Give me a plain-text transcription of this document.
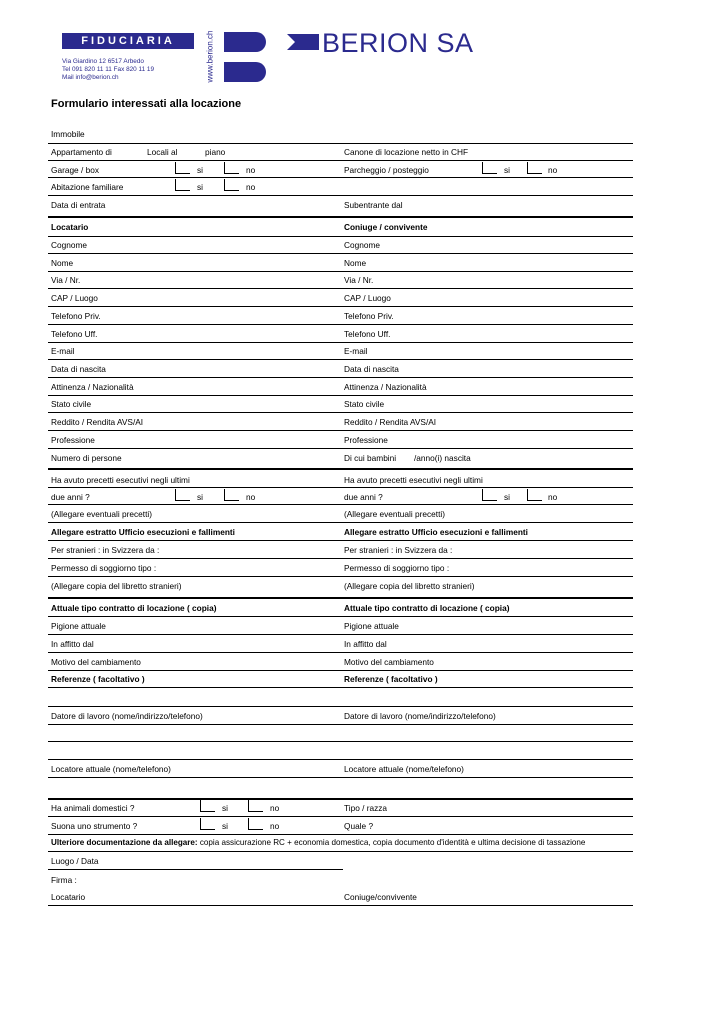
FIDUCIARIA
Via Giardino 12 6517 Arbedo
Tel 091 820 11 11 Fax 820 11 19
Mail info@berion.ch	www.berion.ch	BERION SA
Formulario interessati alla locazione
Immobile
Appartamento di	Locali al	piano	Canone di locazione netto in CHF
Garage / box	si	no	Parcheggio / posteggio	si	no
Abitazione familiare	si	no
Data di entrata	Subentrante dal
Locatario	Coniuge / convivente
Cognome	Cognome
Nome	Nome
Via / Nr.	Via / Nr.
CAP / Luogo	CAP / Luogo
Telefono Priv.	Telefono Priv.
Telefono Uff.	Telefono Uff.
E-mail	E-mail
Data di nascita	Data di nascita
Attinenza / Nazionalità	Attinenza / Nazionalità
Stato civile	Stato civile
Reddito / Rendita AVS/AI	Reddito / Rendita AVS/AI
Professione	Professione
Numero di persone	Di cui bambini /anno(i) nascita
Ha avuto precetti esecutivi negli ultimi	Ha avuto precetti esecutivi negli ultimi
due anni ?	si	no	due anni ?	si	no
(Allegare eventuali precetti)	(Allegare eventuali precetti)
Allegare estratto Ufficio esecuzioni e fallimenti	Allegare estratto Ufficio esecuzioni e fallimenti
Per stranieri : in Svizzera da :	Per stranieri : in Svizzera da :
Permesso di soggiorno tipo :	Permesso di soggiorno tipo :
(Allegare copia del libretto stranieri)	(Allegare copia del libretto stranieri)
Attuale tipo contratto di locazione ( copia)	Attuale tipo contratto di locazione ( copia)
Pigione attuale	Pigione attuale
In affitto dal	In affitto dal
Motivo del cambiamento	Motivo del cambiamento
Referenze ( facoltativo )	Referenze ( facoltativo )
Datore di lavoro (nome/indirizzo/telefono)	Datore di lavoro (nome/indirizzo/telefono)
Locatore attuale (nome/telefono)	Locatore attuale (nome/telefono)
Ha animali domestici ?	si	no	Tipo / razza
Suona uno strumento ?	si	no	Quale ?
Ulteriore documentazione da allegare: copia assicurazione RC + economia domestica, copia documento d'identità e ultima decisione di tassazione
Luogo / Data
Firma :
Locatario	Coniuge/convivente
